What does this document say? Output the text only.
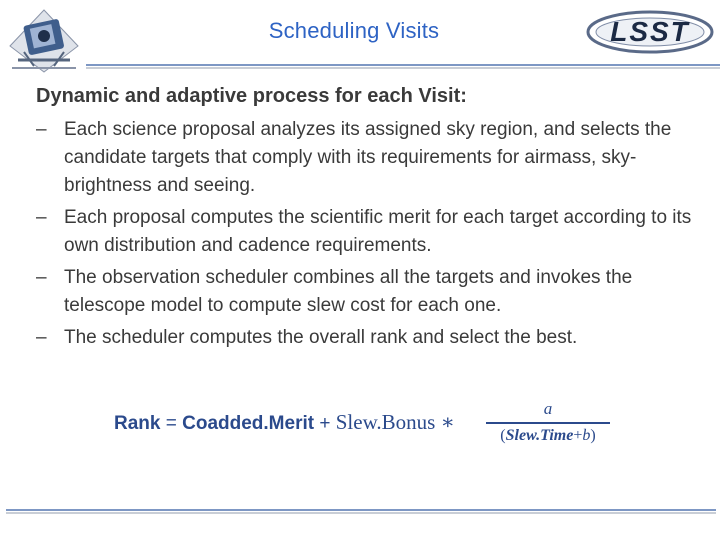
Scheduling Visits	LSST
Dynamic and adaptive process for each Visit:
– Each science proposal analyzes its assigned sky region, and selects the candidate targets that comply with its requirements for airmass, sky-brightness and seeing.
– Each proposal computes the scientific merit for each target according to its own distribution and cadence requirements.
– The observation scheduler combines all the targets and invokes the telescope model to compute slew cost for each one.
– The scheduler computes the overall rank and select the best.
Rank = Coadded.Merit + Slew.Bonus ∗
a
(Slew.Time+b)
